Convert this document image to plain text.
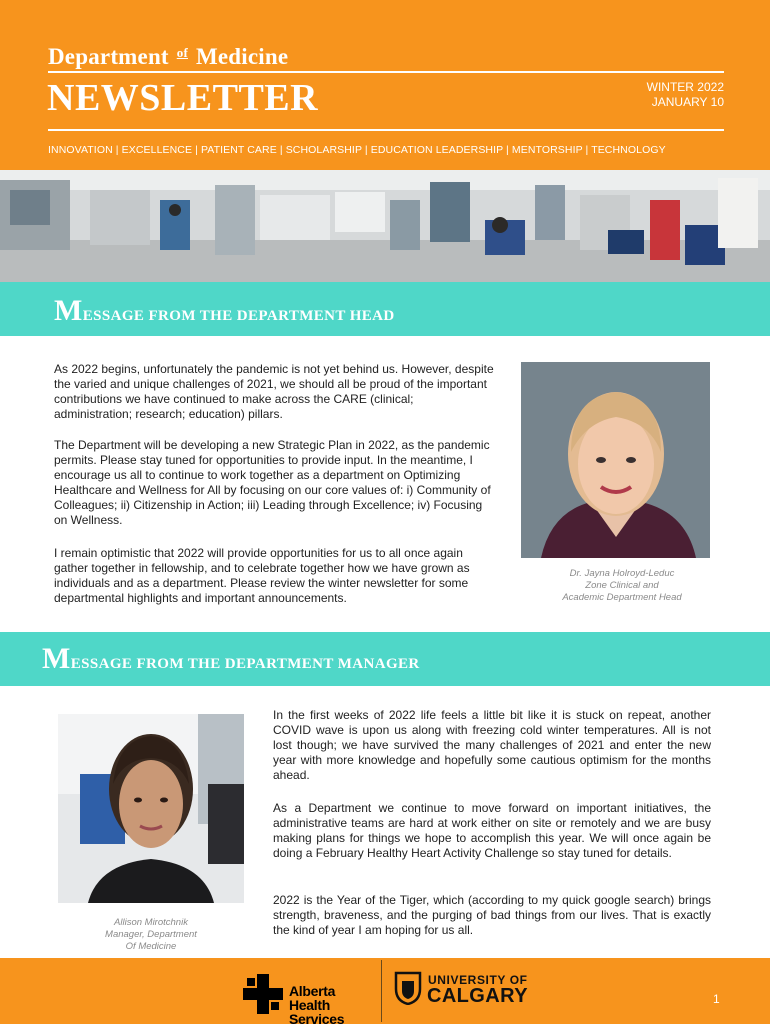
Department $^{of}$ Medicine
NEWSLETTER	WINTER 2022
JANUARY 10
INNOVATION | EXCELLENCE | PATIENT CARE | SCHOLARSHIP | EDUCATION LEADERSHIP | MENTORSHIP | TECHNOLOGY
MESSAGE FROM THE DEPARTMENT HEAD
As 2022 begins, unfortunately the pandemic is not yet behind us. However, despite the varied and unique challenges of 2021, we should all be proud of the important contributions we have continued to make across the CARE (clinical; administration; research; education) pillars.
The Department will be developing a new Strategic Plan in 2022, as the pandemic permits. Please stay tuned for opportunities to provide input. In the meantime, I encourage us all to continue to work together as a department on Optimizing Healthcare and Wellness for All by focusing on our core values of: i) Community of Colleagues; ii) Citizenship in Action; iii) Leading through Excellence; iv) Focusing on Wellness.
I remain optimistic that 2022 will provide opportunities for us to all once again gather together in fellowship, and to celebrate together how we have grown as individuals and as a department. Please review the winter newsletter for some departmental highlights and important announcements.
Dr. Jayna Holroyd-Leduc
Zone Clinical and
Academic Department Head
MESSAGE FROM THE DEPARTMENT MANAGER
Allison Mirotchnik
Manager, Department
Of Medicine
In the first weeks of 2022 life feels a little bit like it is stuck on repeat, another COVID wave is upon us along with freezing cold winter temperatures. All is not lost though; we have survived the many challenges of 2021 and enter the new year with more knowledge and hopefully some cautious optimism for the months ahead.
As a Department we continue to move forward on important initiatives, the administrative teams are hard at work either on site or remotely and we are busy making plans for things we hope to accomplish this year. We will once again be doing a February Healthy Heart Activity Challenge so stay tuned for details.
2022 is the Year of the Tiger, which (according to my quick google search) brings strength, braveness, and the purging of bad things from our lives. That is exactly the kind of year I am hoping for us all.
Alberta Health
Services
UNIVERSITY OF
CALGARY	1
